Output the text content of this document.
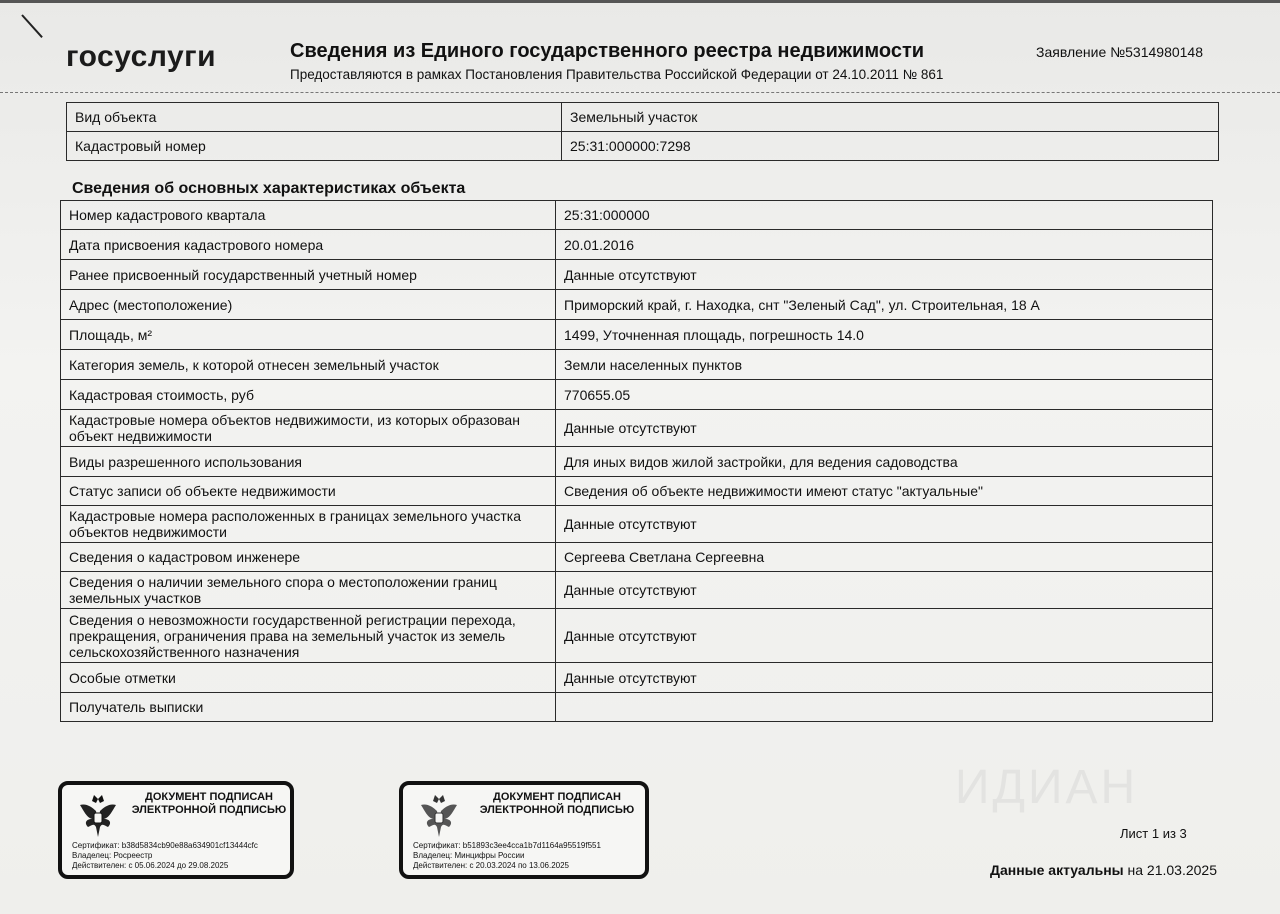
ИДИАН
госуслуги	Сведения из Единого государственного реестра недвижимости
Предоставляются в рамках Постановления Правительства Российской Федерации от 24.10.2011 № 861
Заявление №5314980148
Вид объекта	Земельный участок
Кадастровый номер	25:31:000000:7298
Сведения об основных характеристиках объекта
Номер кадастрового квартала	25:31:000000
Дата присвоения кадастрового номера	20.01.2016
Ранее присвоенный государственный учетный номер	Данные отсутствуют
Адрес (местоположение)	Приморский край, г. Находка, снт "Зеленый Сад", ул. Строительная, 18 А
Площадь, м²	1499, Уточненная площадь, погрешность 14.0
Категория земель, к которой отнесен земельный участок	Земли населенных пунктов
Кадастровая стоимость, руб	770655.05
Кадастровые номера объектов недвижимости, из которых образован объект недвижимости	Данные отсутствуют
Виды разрешенного использования	Для иных видов жилой застройки, для ведения садоводства
Статус записи об объекте недвижимости	Сведения об объекте недвижимости имеют статус "актуальные"
Кадастровые номера расположенных в границах земельного участка объектов недвижимости	Данные отсутствуют
Сведения о кадастровом инженере	Сергеева Светлана Сергеевна
Сведения о наличии земельного спора о местоположении границ земельных участков	Данные отсутствуют
Сведения о невозможности государственной регистрации перехода, прекращения, ограничения права на земельный участок из земель сельскохозяйственного назначения	Данные отсутствуют
Особые отметки	Данные отсутствуют
Получатель выписки	
ДОКУМЕНТ ПОДПИСАН ЭЛЕКТРОННОЙ ПОДПИСЬЮ
Сертификат: b38d5834cb90e88a634901cf13444cfc
Владелец: Росреестр
Действителен: с 05.06.2024 до 29.08.2025
ДОКУМЕНТ ПОДПИСАН ЭЛЕКТРОННОЙ ПОДПИСЬЮ
Сертификат: b51893c3ee4cca1b7d1164a95519f551
Владелец: Минцифры России
Действителен: с 20.03.2024 по 13.06.2025
Лист 1 из 3
Данные актуальны на 21.03.2025
